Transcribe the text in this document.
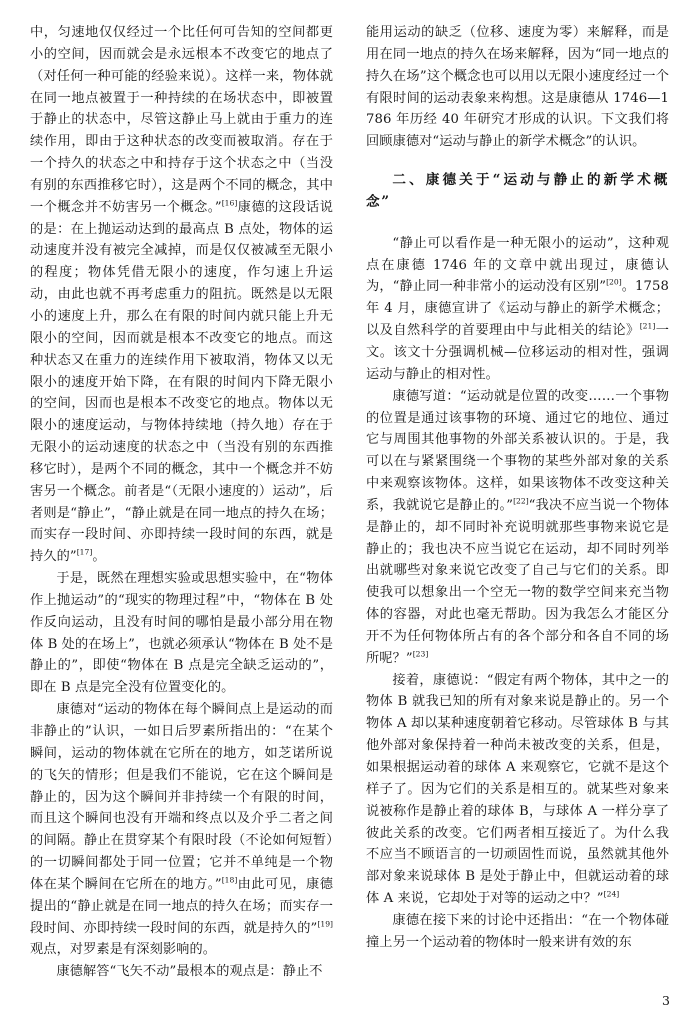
中，匀速地仅仅经过一个比任何可告知的空间都更小的空间，因而就会是永远根本不改变它的地点了（对任何一种可能的经验来说）。这样一来，物体就在同一地点被置于一种持续的在场状态中，即被置于静止的状态中，尽管这静止马上就由于重力的连续作用，即由于这种状态的改变而被取消。存在于一个持久的状态之中和持存于这个状态之中（当没有别的东西推移它时），这是两个不同的概念，其中一个概念并不妨害另一个概念。”[16]康德的这段话说的是：在上抛运动达到的最高点 B 点处，物体的运动速度并没有被完全减掉，而是仅仅被减至无限小的程度；物体凭借无限小的速度，作匀速上升运动，由此也就不再考虑重力的阻抗。既然是以无限小的速度上升，那么在有限的时间内就只能上升无限小的空间，因而就是根本不改变它的地点。而这种状态又在重力的连续作用下被取消，物体又以无限小的速度开始下降，在有限的时间内下降无限小的空间，因而也是根本不改变它的地点。物体以无限小的速度运动，与物体持续地（持久地）存在于无限小的运动速度的状态之中（当没有别的东西推移它时），是两个不同的概念，其中一个概念并不妨害另一个概念。前者是“（无限小速度的）运动”，后者则是“静止”，“静止就是在同一地点的持久在场；而实存一段时间、亦即持续一段时间的东西，就是持久的”[17]。

于是，既然在理想实验或思想实验中，在“物体作上抛运动”的“现实的物理过程”中，“物体在 B 处作反向运动，且没有时间的哪怕是最小部分用在物体 B 处的在场上”，也就必须承认“物体在 B 处不是静止的”，即使“物体在 B 点是完全缺乏运动的”，即在 B 点是完全没有位置变化的。

康德对“运动的物体在每个瞬间点上是运动的而非静止的”认识，一如日后罗素所指出的：“在某个瞬间，运动的物体就在它所在的地方，如芝诺所说的飞矢的情形；但是我们不能说，它在这个瞬间是静止的，因为这个瞬间并非持续一个有限的时间，而且这个瞬间也没有开端和终点以及介乎二者之间的间隔。静止在贯穿某个有限时段（不论如何短暂）的一切瞬间都处于同一位置；它并不单纯是一个物体在某个瞬间在它所在的地方。”[18]由此可见，康德提出的“静止就是在同一地点的持久在场；而实存一段时间、亦即持续一段时间的东西，就是持久的”[19]观点，对罗素是有深刻影响的。

康德解答“飞矢不动”最根本的观点是：静止不

能用运动的缺乏（位移、速度为零）来解释，而是用在同一地点的持久在场来解释，因为“同一地点的持久在场”这个概念也可以用以无限小速度经过一个有限时间的运动表象来构想。这是康德从 1746—1786 年历经 40 年研究才形成的认识。下文我们将回顾康德对“运动与静止的新学术概念”的认识。

二、康德关于“运动与静止的新学术概念”

“静止可以看作是一种无限小的运动”，这种观点在康德 1746 年的文章中就出现过，康德认为，“静止同一种非常小的运动没有区别”[20]。1758 年 4 月，康德宣讲了《运动与静止的新学术概念；以及自然科学的首要理由中与此相关的结论》[21]一文。该文十分强调机械—位移运动的相对性，强调运动与静止的相对性。

康德写道：“运动就是位置的改变……一个事物的位置是通过该事物的环境、通过它的地位、通过它与周围其他事物的外部关系被认识的。于是，我可以在与紧紧围绕一个事物的某些外部对象的关系中来观察该物体。这样，如果该物体不改变这种关系，我就说它是静止的。”[22]“我决不应当说一个物体是静止的，却不同时补充说明就那些事物来说它是静止的；我也决不应当说它在运动，却不同时列举出就哪些对象来说它改变了自己与它们的关系。即使我可以想象出一个空无一物的数学空间来充当物体的容器，对此也毫无帮助。因为我怎么才能区分开不为任何物体所占有的各个部分和各自不同的场所呢？”[23]

接着，康德说：“假定有两个物体，其中之一的物体 B 就我已知的所有对象来说是静止的。另一个物体 A 却以某种速度朝着它移动。尽管球体 B 与其他外部对象保持着一种尚未被改变的关系，但是，如果根据运动着的球体 A 来观察它，它就不是这个样子了。因为它们的关系是相互的。就某些对象来说被称作是静止着的球体 B，与球体 A 一样分享了彼此关系的改变。它们两者相互接近了。为什么我不应当不顾语言的一切顽固性而说，虽然就其他外部对象来说球体 B 是处于静止中，但就运动着的球体 A 来说，它却处于对等的运动之中？”[24]

康德在接下来的讨论中还指出：“在一个物体碰撞上另一个运动着的物体时一般来讲有效的东

3
